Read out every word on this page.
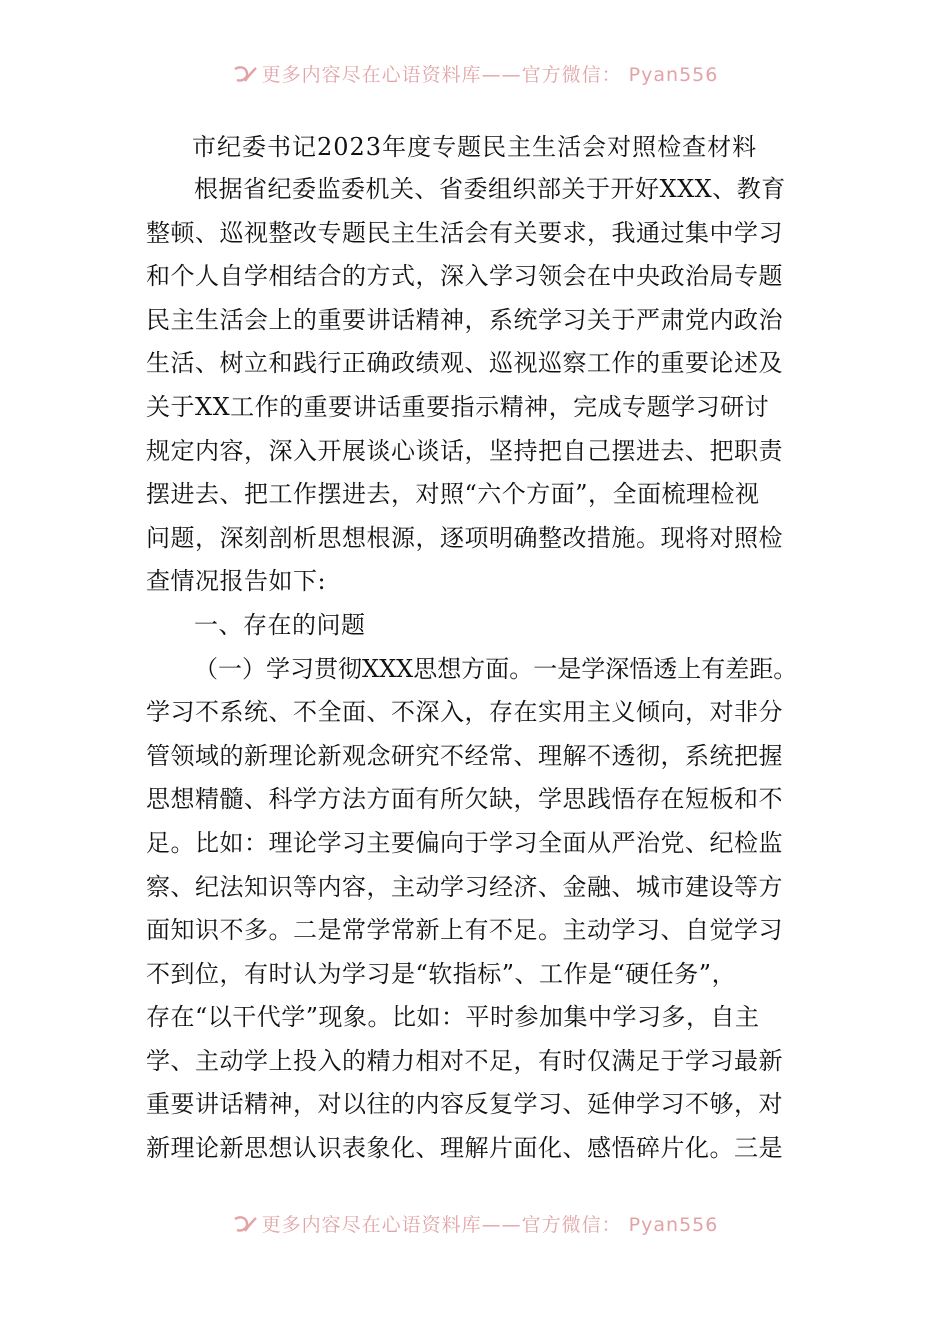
更多内容尽在心语资料库——官方微信： Pyan556
市纪委书记2023年度专题民主生活会对照检查材料
根据省纪委监委机关、省委组织部关于开好XXX、教育
整顿、巡视整改专题民主生活会有关要求，我通过集中学习
和个人自学相结合的方式，深入学习领会在中央政治局专题
民主生活会上的重要讲话精神，系统学习关于严肃党内政治
生活、树立和践行正确政绩观、巡视巡察工作的重要论述及
关于XX工作的重要讲话重要指示精神，完成专题学习研讨
规定内容，深入开展谈心谈话，坚持把自己摆进去、把职责
摆进去、把工作摆进去，对照“六个方面”，全面梳理检视
问题，深刻剖析思想根源，逐项明确整改措施。现将对照检
查情况报告如下:
一、存在的问题
（一）学习贯彻XXX思想方面。一是学深悟透上有差距。
学习不系统、不全面、不深入，存在实用主义倾向，对非分
管领域的新理论新观念研究不经常、理解不透彻，系统把握
思想精髓、科学方法方面有所欠缺，学思践悟存在短板和不
足。比如：理论学习主要偏向于学习全面从严治党、纪检监
察、纪法知识等内容，主动学习经济、金融、城市建设等方
面知识不多。二是常学常新上有不足。主动学习、自觉学习
不到位，有时认为学习是“软指标”、工作是“硬任务”，
存在“以干代学”现象。比如：平时参加集中学习多，自主
学、主动学上投入的精力相对不足，有时仅满足于学习最新
重要讲话精神，对以往的内容反复学习、延伸学习不够，对
新理论新思想认识表象化、理解片面化、感悟碎片化。三是
更多内容尽在心语资料库——官方微信： Pyan556
